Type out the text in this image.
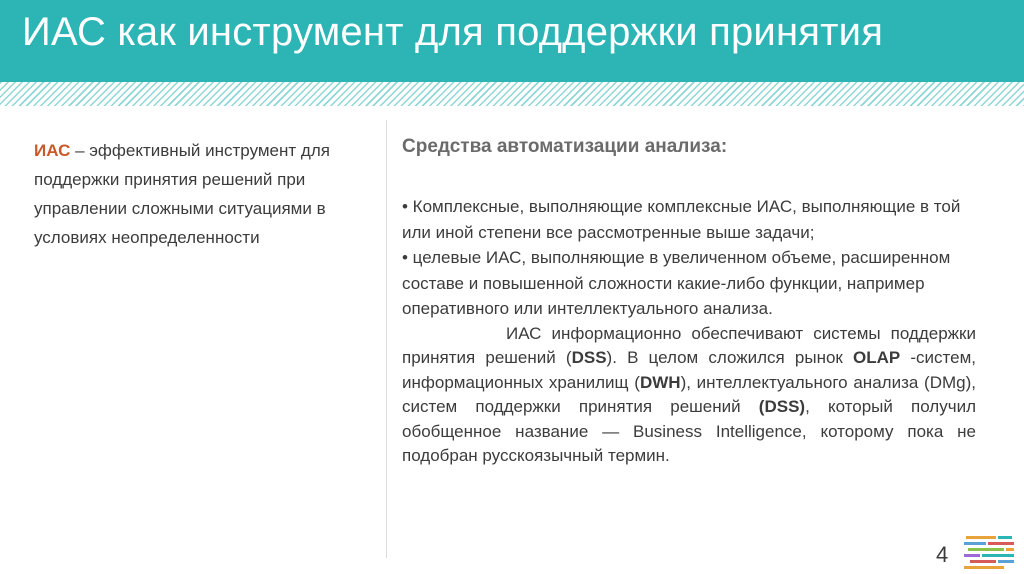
ИАС как инструмент для поддержки принятия
ИАС – эффективный инструмент для поддержки принятия решений при управлении сложными ситуациями в условиях неопределенности
Средства автоматизации анализа:
• Комплексные, выполняющие комплексные ИАС, выполняющие в той или иной степени все рассмотренные выше задачи;
• целевые ИАС, выполняющие в увеличенном объеме, расширенном составе и повышенной сложности какие-либо функции, например оперативного или интеллектуального анализа.
ИАС информационно обеспечивают системы поддержки принятия решений (DSS). В целом сложился рынок OLAP -систем, информационных хранилищ (DWH), интеллектуального анализа (DMg), систем поддержки принятия решений (DSS), который получил обобщенное название — Business Intelligence, которому пока не подобран русскоязычный термин.
4
